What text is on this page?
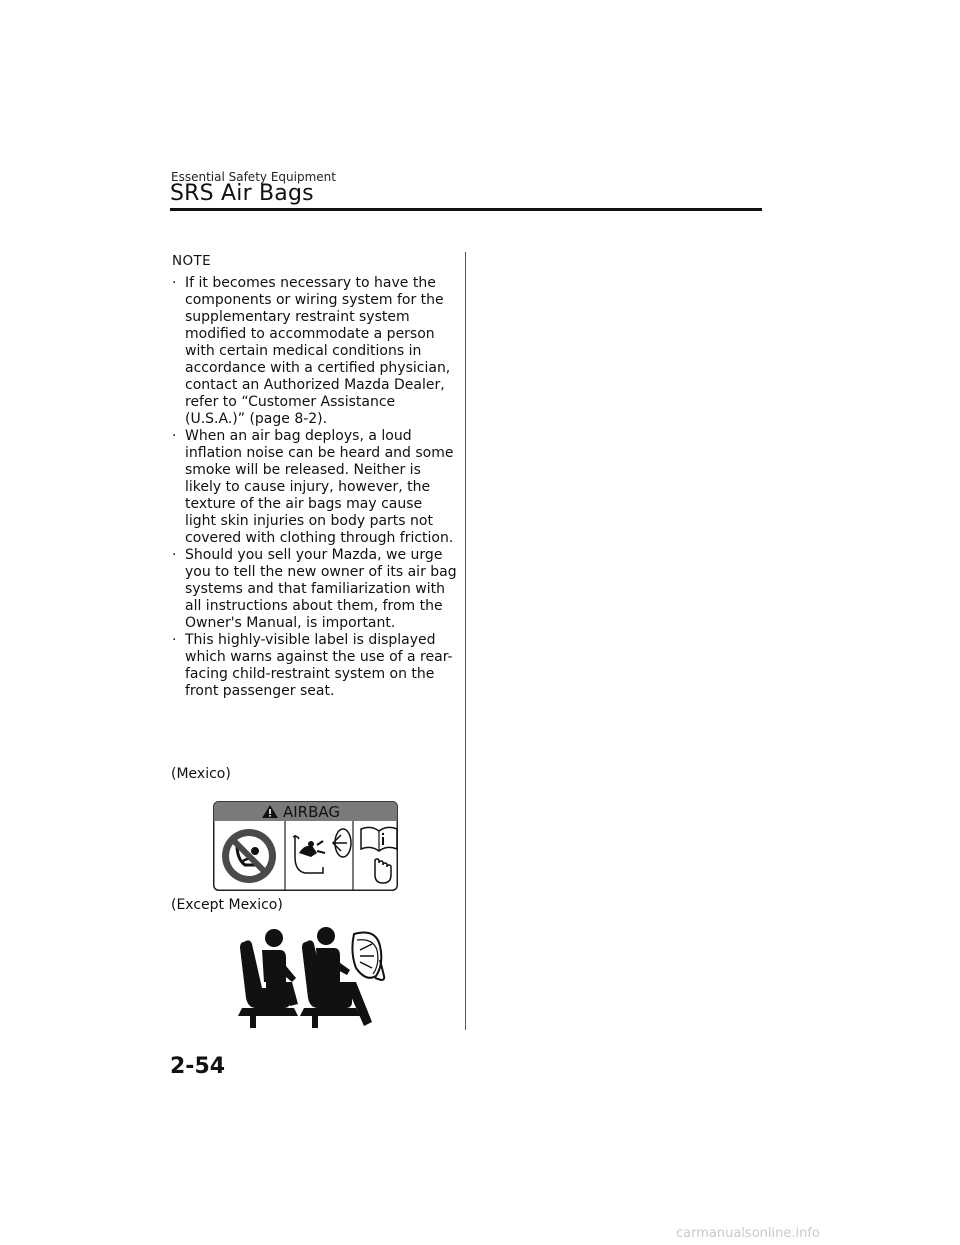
Essential Safety Equipment
SRS Air Bags
NOTE
· If it becomes necessary to have the components or wiring system for the supplementary restraint system modified to accommodate a person with certain medical conditions in accordance with a certified physician, contact an Authorized Mazda Dealer, refer to “Customer Assistance (U.S.A.)” (page 8-2).
· When an air bag deploys, a loud inflation noise can be heard and some smoke will be released. Neither is likely to cause injury, however, the texture of the air bags may cause light skin injuries on body parts not covered with clothing through friction.
· Should you sell your Mazda, we urge you to tell the new owner of its air bag systems and that familiarization with all instructions about them, from the Owner's Manual, is important.
· This highly-visible label is displayed which warns against the use of a rear-facing child-restraint system on the front passenger seat.
(Mexico)
AIRBAG
(Except Mexico)
2-54
carmanualsonline.info
